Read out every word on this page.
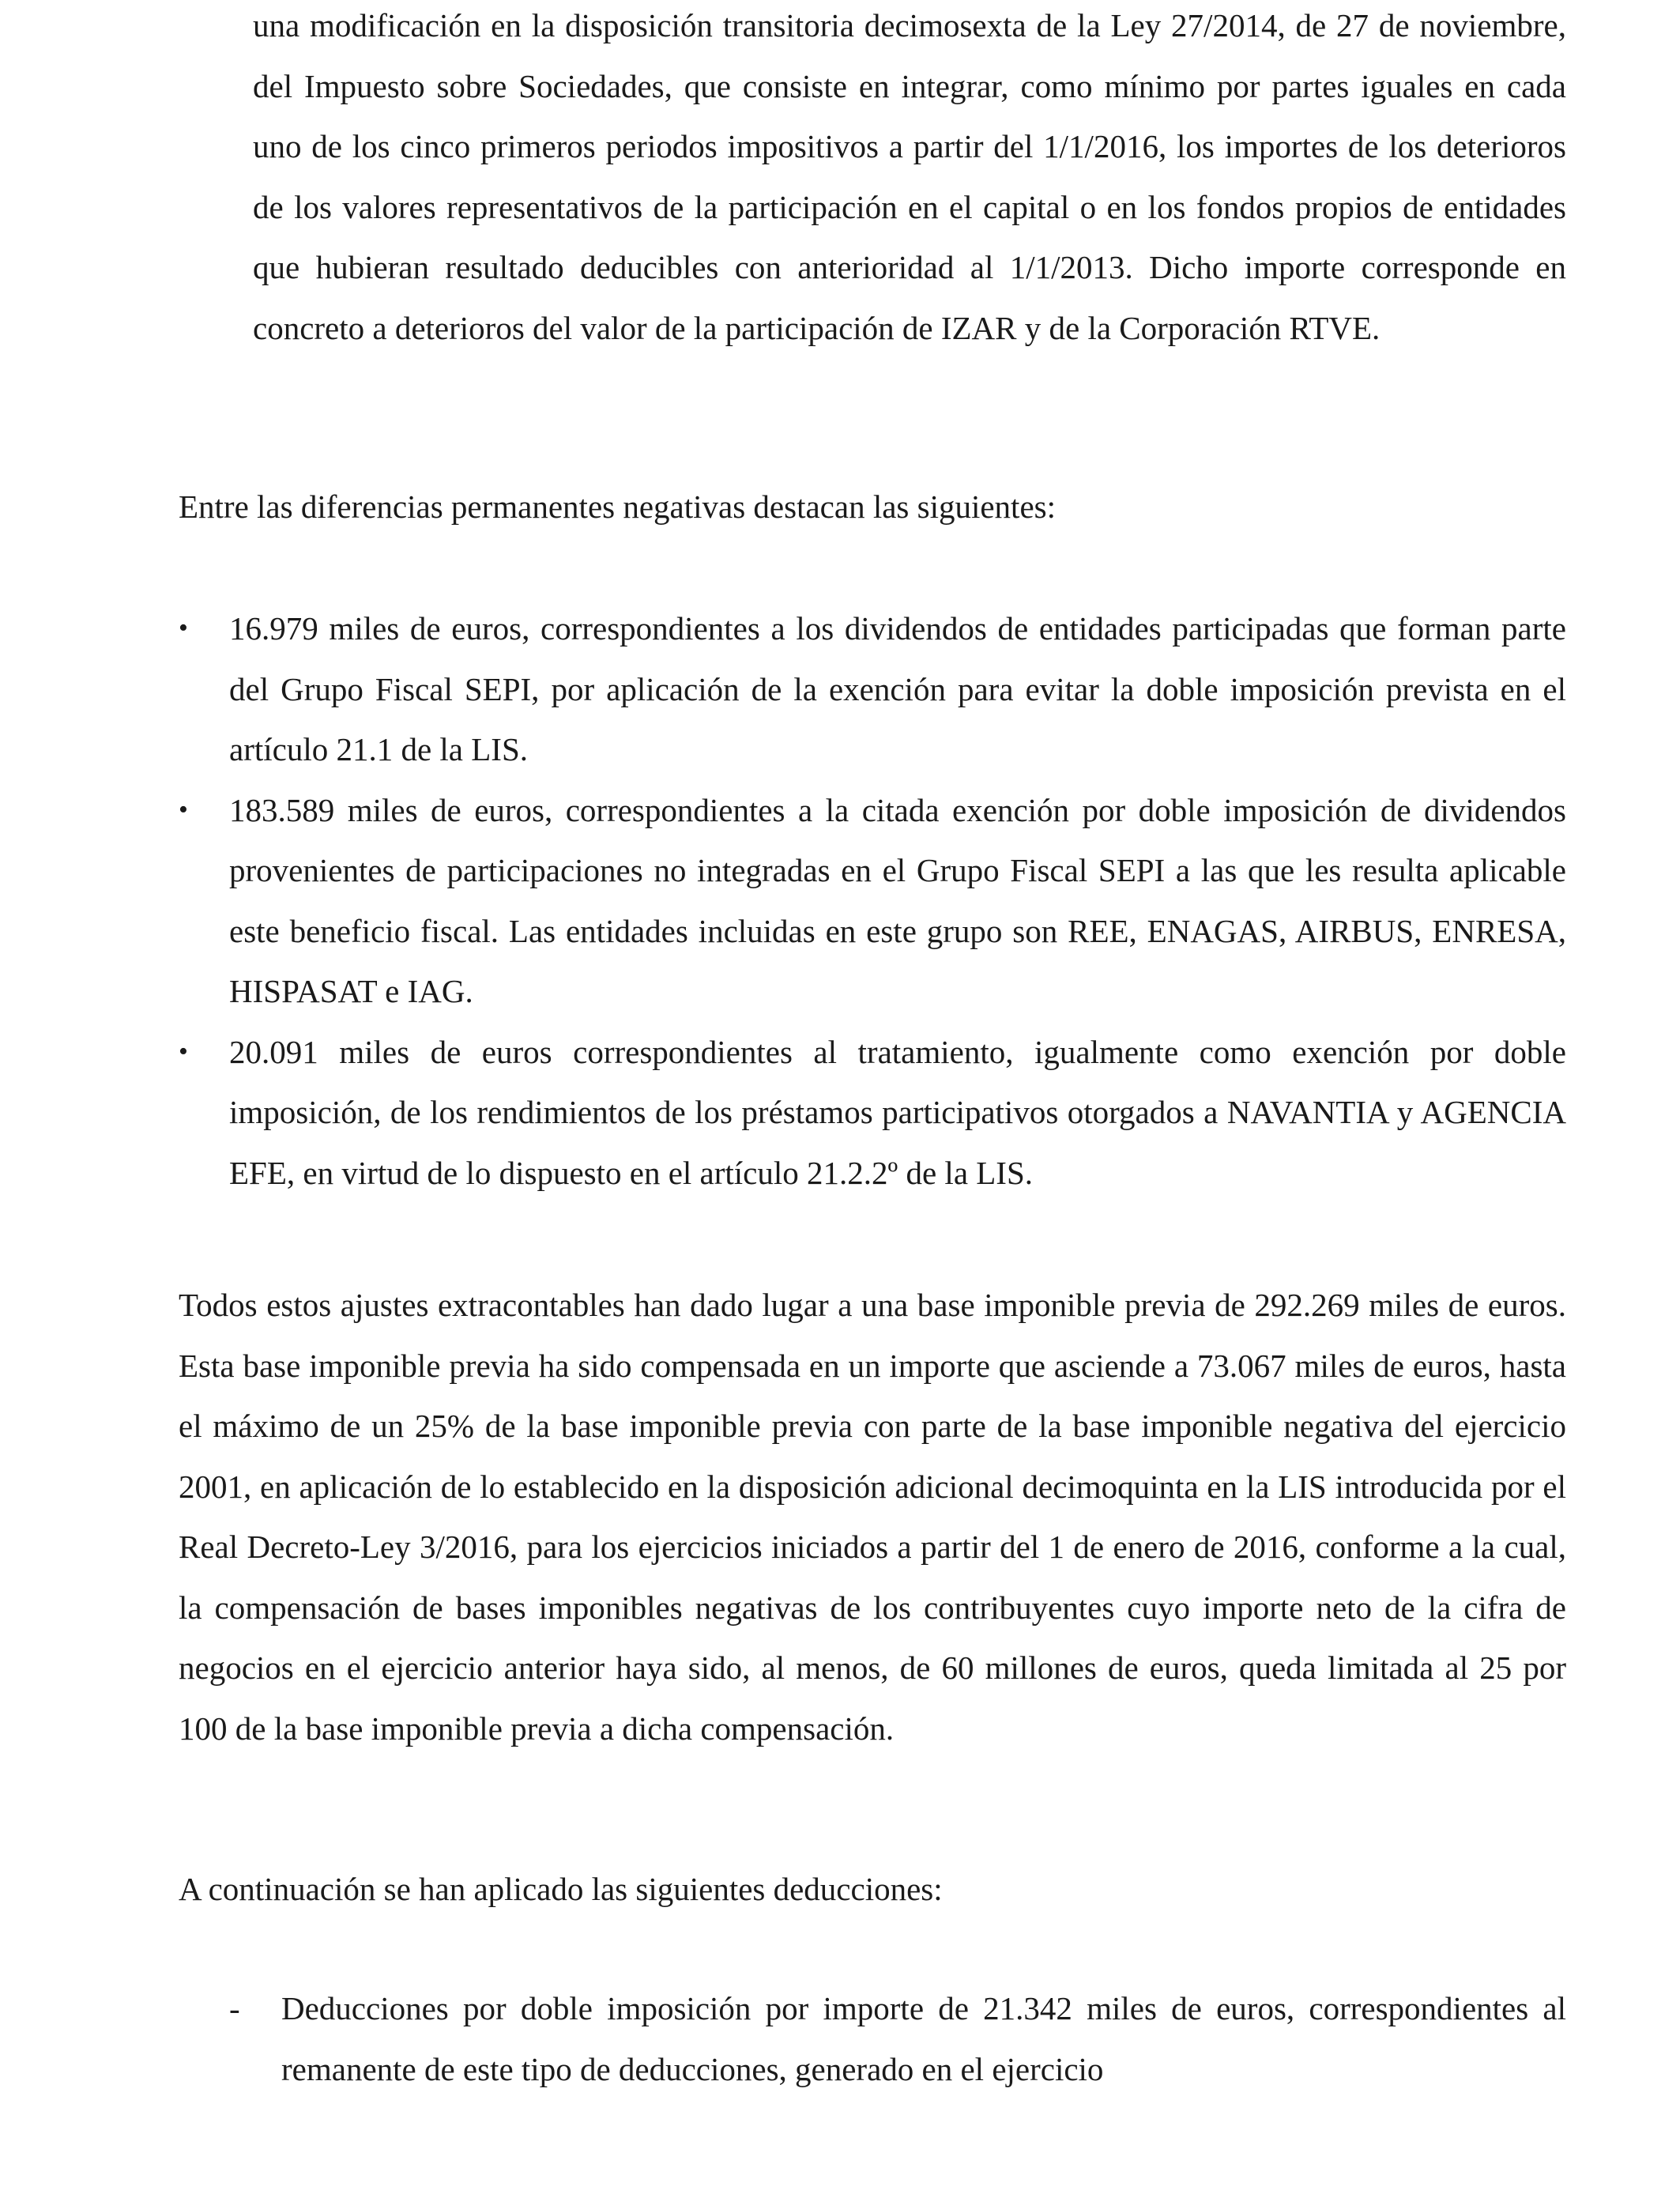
una modificación en la disposición transitoria decimosexta de la Ley 27/2014, de 27 de noviembre, del Impuesto sobre Sociedades, que consiste en integrar, como mínimo por partes iguales en cada uno de los cinco primeros periodos impositivos a partir del 1/1/2016, los importes de los deterioros de los valores representativos de la participación en el capital o en los fondos propios de entidades que hubieran resultado deducibles con anterioridad al 1/1/2013. Dicho importe corresponde en concreto a deterioros del valor de la participación de IZAR y de la Corporación RTVE.

Entre las diferencias permanentes negativas destacan las siguientes:

•	16.979 miles de euros, correspondientes a los dividendos de entidades participadas que forman parte del Grupo Fiscal SEPI, por aplicación de la exención para evitar la doble imposición prevista en el artículo 21.1 de la LIS.
•	183.589 miles de euros, correspondientes a la citada exención por doble imposición de dividendos provenientes de participaciones no integradas en el Grupo Fiscal SEPI a las que les resulta aplicable este beneficio fiscal. Las entidades incluidas en este grupo son REE, ENAGAS, AIRBUS, ENRESA, HISPASAT e IAG.
•	20.091 miles de euros correspondientes al tratamiento, igualmente como exención por doble imposición, de los rendimientos de los préstamos participativos otorgados a NAVANTIA y AGENCIA EFE, en virtud de lo dispuesto en el artículo 21.2.2º de la LIS.

Todos estos ajustes extracontables han dado lugar a una base imponible previa de 292.269 miles de euros. Esta base imponible previa ha sido compensada en un importe que asciende a 73.067 miles de euros, hasta el máximo de un 25% de la base imponible previa con parte de la base imponible negativa del ejercicio 2001, en aplicación de lo establecido en la disposición adicional decimoquinta en la LIS introducida por el Real Decreto-Ley 3/2016, para los ejercicios iniciados a partir del 1 de enero de 2016, conforme a la cual, la compensación de bases imponibles negativas de los contribuyentes cuyo importe neto de la cifra de negocios en el ejercicio anterior haya sido, al menos, de 60 millones de euros, queda limitada al 25 por 100 de la base imponible previa a dicha compensación.

A continuación se han aplicado las siguientes deducciones:

- Deducciones por doble imposición por importe de 21.342 miles de euros, correspondientes al remanente de este tipo de deducciones, generado en el ejercicio
